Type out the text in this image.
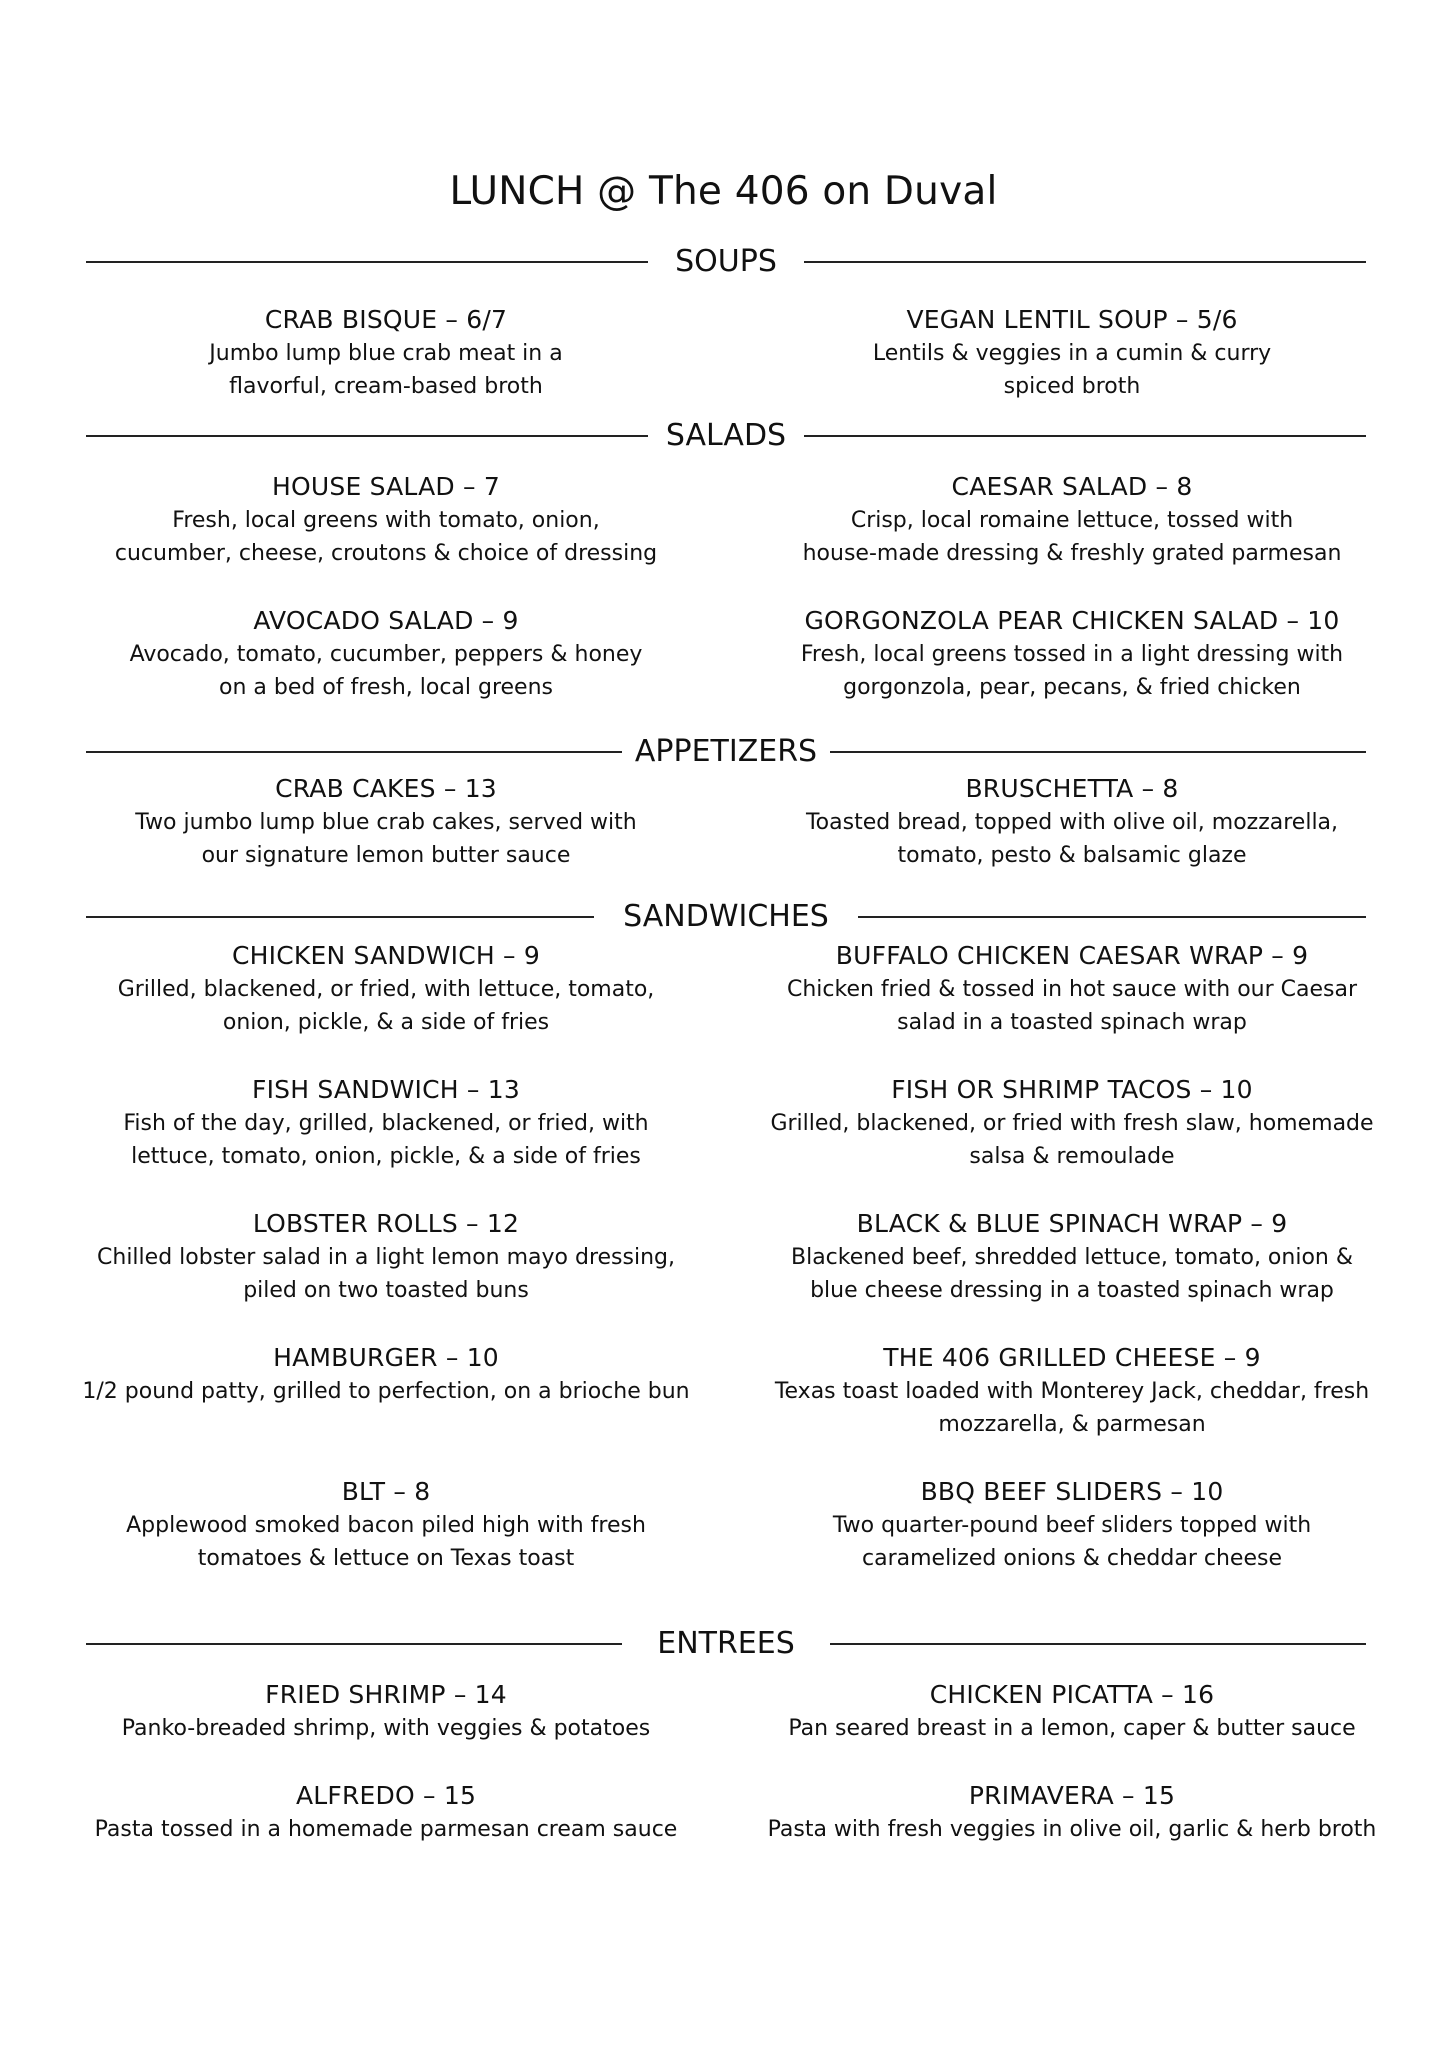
LUNCH @ The 406 on Duval
SOUPS
CRAB BISQUE – 6/7
Jumbo lump blue crab meat in a
flavorful, cream-based broth
VEGAN LENTIL SOUP – 5/6
Lentils & veggies in a cumin & curry
spiced broth
SALADS
HOUSE SALAD – 7
Fresh, local greens with tomato, onion,
cucumber, cheese, croutons & choice of dressing
CAESAR SALAD – 8
Crisp, local romaine lettuce, tossed with
house-made dressing & freshly grated parmesan
AVOCADO SALAD – 9
Avocado, tomato, cucumber, peppers & honey
on a bed of fresh, local greens
GORGONZOLA PEAR CHICKEN SALAD – 10
Fresh, local greens tossed in a light dressing with
gorgonzola, pear, pecans, & fried chicken
APPETIZERS
CRAB CAKES – 13
Two jumbo lump blue crab cakes, served with
our signature lemon butter sauce
BRUSCHETTA – 8
Toasted bread, topped with olive oil, mozzarella,
tomato, pesto & balsamic glaze
SANDWICHES
CHICKEN SANDWICH – 9
Grilled, blackened, or fried, with lettuce, tomato,
onion, pickle, & a side of fries
BUFFALO CHICKEN CAESAR WRAP – 9
Chicken fried & tossed in hot sauce with our Caesar
salad in a toasted spinach wrap
FISH SANDWICH – 13
Fish of the day, grilled, blackened, or fried, with
lettuce, tomato, onion, pickle, & a side of fries
FISH OR SHRIMP TACOS – 10
Grilled, blackened, or fried with fresh slaw, homemade
salsa & remoulade
LOBSTER ROLLS – 12
Chilled lobster salad in a light lemon mayo dressing,
piled on two toasted buns
BLACK & BLUE SPINACH WRAP – 9
Blackened beef, shredded lettuce, tomato, onion &
blue cheese dressing in a toasted spinach wrap
HAMBURGER – 10
1/2 pound patty, grilled to perfection, on a brioche bun
THE 406 GRILLED CHEESE – 9
Texas toast loaded with Monterey Jack, cheddar, fresh
mozzarella, & parmesan
BLT – 8
Applewood smoked bacon piled high with fresh
tomatoes & lettuce on Texas toast
BBQ BEEF SLIDERS – 10
Two quarter-pound beef sliders topped with
caramelized onions & cheddar cheese
ENTREES
FRIED SHRIMP – 14
Panko-breaded shrimp, with veggies & potatoes
CHICKEN PICATTA – 16
Pan seared breast in a lemon, caper & butter sauce
ALFREDO – 15
Pasta tossed in a homemade parmesan cream sauce
PRIMAVERA – 15
Pasta with fresh veggies in olive oil, garlic & herb broth
